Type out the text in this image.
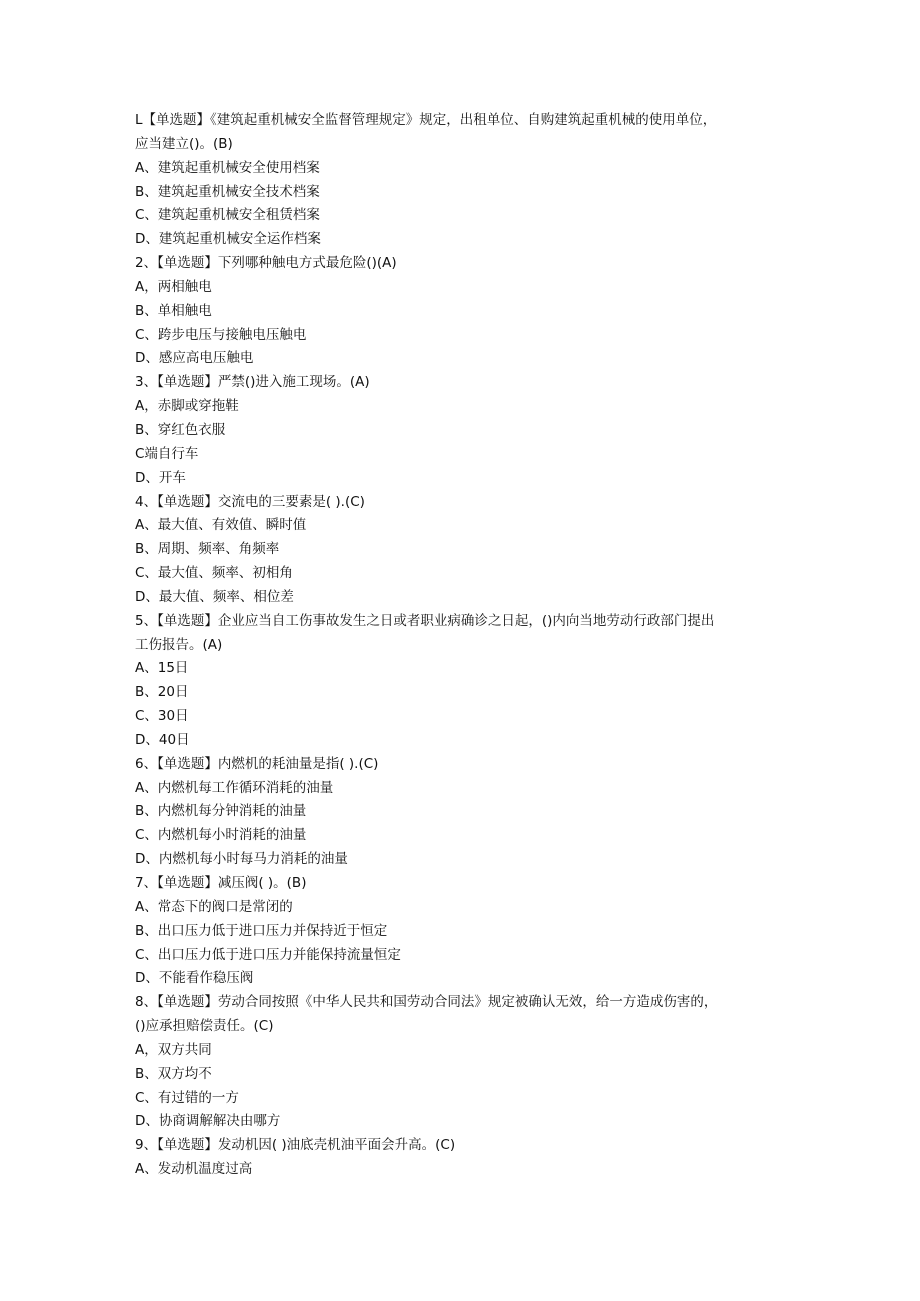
L【单选题】《建筑起重机械安全监督管理规定》规定，出租单位、自购建筑起重机械的使用单位，
应当建立()。(B)
A、建筑起重机械安全使用档案
B、建筑起重机械安全技术档案
C、建筑起重机械安全租赁档案
D、建筑起重机械安全运作档案
2、【单选题】下列哪种触电方式最危险()(A)
A，两相触电
B、单相触电
C、跨步电压与接触电压触电
D、感应高电压触电
3、【单选题】严禁()进入施工现场。(A)
A，赤脚或穿拖鞋
B、穿红色衣服
C端自行车
D、开车
4、【单选题】交流电的三要素是( ).(C)
A、最大值、有效值、瞬时值
B、周期、频率、角频率
C、最大值、频率、初相角
D、最大值、频率、相位差
5、【单选题】企业应当自工伤事故发生之日或者职业病确诊之日起，()内向当地劳动行政部门提出
工伤报告。(A)
A、15日
B、20日
C、30日
D、40日
6、【单选题】内燃机的耗油量是指( ).(C)
A、内燃机每工作循环消耗的油量
B、内燃机每分钟消耗的油量
C、内燃机每小时消耗的油量
D、内燃机每小时每马力消耗的油量
7、【单选题】减压阀( )。(B)
A、常态下的阀口是常闭的
B、出口压力低于进口压力并保持近于恒定
C、出口压力低于进口压力并能保持流量恒定
D、不能看作稳压阀
8、【单选题】劳动合同按照《中华人民共和国劳动合同法》规定被确认无效，给一方造成伤害的，
()应承担赔偿责任。(C)
A，双方共同
B、双方均不
C、有过错的一方
D、协商调解解决由哪方
9、【单选题】发动机因( )油底壳机油平面会升高。(C)
A、发动机温度过高
